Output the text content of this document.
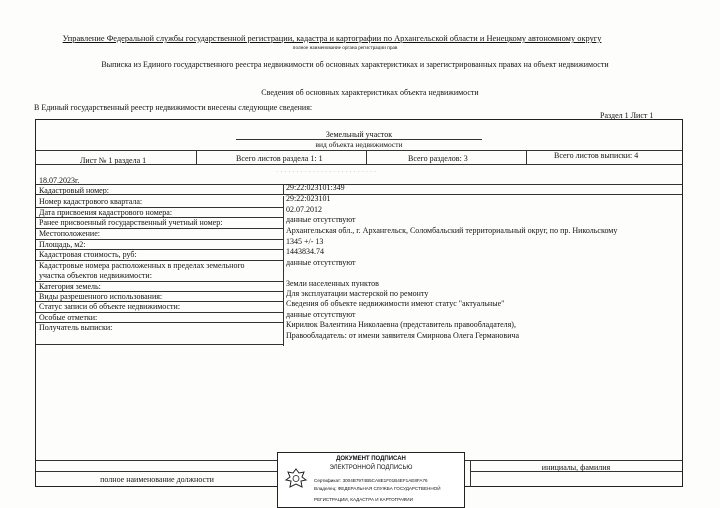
Управление Федеральной службы государственной регистрации, кадастра и картографии по Архангельской области и Ненецкому автономному округу
полное наименование органа регистрации прав
Выписка из Единого государственного реестра недвижимости об основных характеристиках и зарегистрированных правах на объект недвижимости
Сведения об основных характеристиках объекта недвижимости
В Единый государственный реестр недвижимости внесены следующие сведения:
Раздел 1 Лист 1
Земельный участок
вид объекта недвижимости
Лист № 1 раздела 1	Всего листов раздела 1: 1	Всего разделов: 3	Всего листов выписки: 4
18.07.2023г.
Кадастровый номер:	29:22:023101:349
· · · · · · · · · · · · · · · · · · · · · · · · ·
Номер кадастрового квартала:	29:22:023101
Дата присвоения кадастрового номера:	02.07.2012
Ранее присвоенный государственный учетный номер:	данные отсутствуют
Местоположение:	Архангельская обл., г. Архангельск, Соломбальский территориальный округ, по пр. Никольскому
Площадь, м2:	1345 +/- 13
Кадастровая стоимость, руб:	1443834.74
Кадастровые номера расположенных в пределах земельного
участка объектов недвижимости:
данные отсутствуют
Категория земель:	Земли населенных пунктов
Виды разрешенного использования:	Для эксплуатации мастерской по ремонту
Статус записи об объекте недвижимости:	Сведения об объекте недвижимости имеют статус "актуальные"
Особые отметки:	данные отсутствуют
Получатель выписки:	Кирилюк Валентина Николаевна (представитель правообладателя),
Правообладатель: от имени заявителя Смирнова Олега Германовича
полное наименование должности
инициалы, фамилия
ДОКУМЕНТ ПОДПИСАН
ЭЛЕКТРОННОЙ ПОДПИСЬЮ
Сертификат: 3004B7974B5CA8E1F01B4EF1AE8FA76
Владелец: ФЕДЕРАЛЬНАЯ СЛУЖБА ГОСУДАРСТВЕННОЙ
РЕГИСТРАЦИИ, КАДАСТРА И КАРТОГРАФИИ
